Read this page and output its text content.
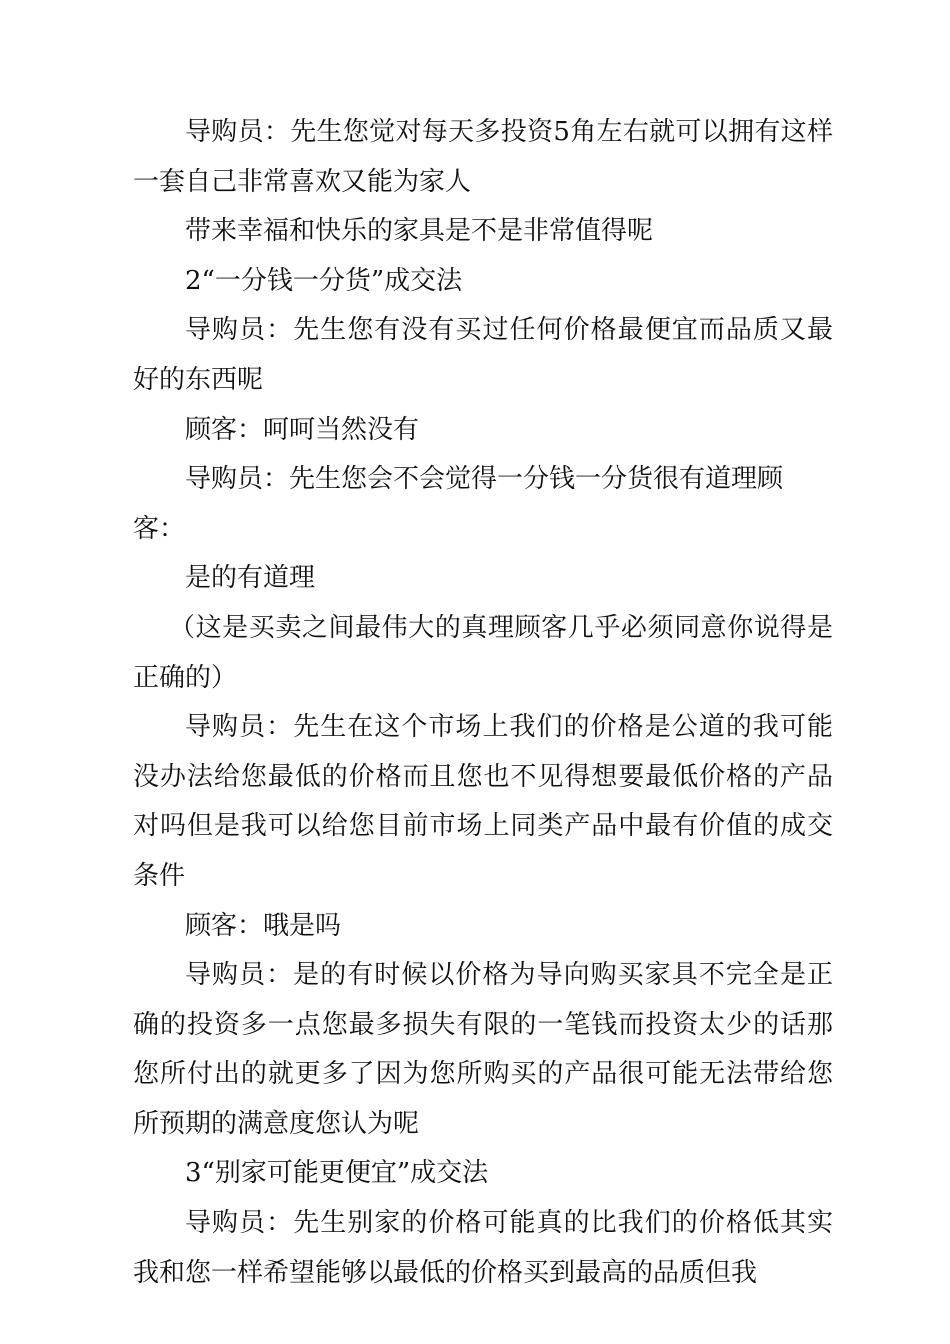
导购员：先生您觉对每天多投资5角左右就可以拥有这样一套自己非常喜欢又能为家人

带来幸福和快乐的家具是不是非常值得呢

2“一分钱一分货”成交法

导购员：先生您有没有买过任何价格最便宜而品质又最好的东西呢

顾客：呵呵当然没有

导购员：先生您会不会觉得一分钱一分货很有道理顾客：

是的有道理

（这是买卖之间最伟大的真理顾客几乎必须同意你说得是正确的）

导购员：先生在这个市场上我们的价格是公道的我可能没办法给您最低的价格而且您也不见得想要最低价格的产品对吗但是我可以给您目前市场上同类产品中最有价值的成交条件

顾客：哦是吗

导购员：是的有时候以价格为导向购买家具不完全是正确的投资多一点您最多损失有限的一笔钱而投资太少的话那您所付出的就更多了因为您所购买的产品很可能无法带给您所预期的满意度您认为呢

3“别家可能更便宜”成交法

导购员：先生别家的价格可能真的比我们的价格低其实我和您一样希望能够以最低的价格买到最高的品质但我
